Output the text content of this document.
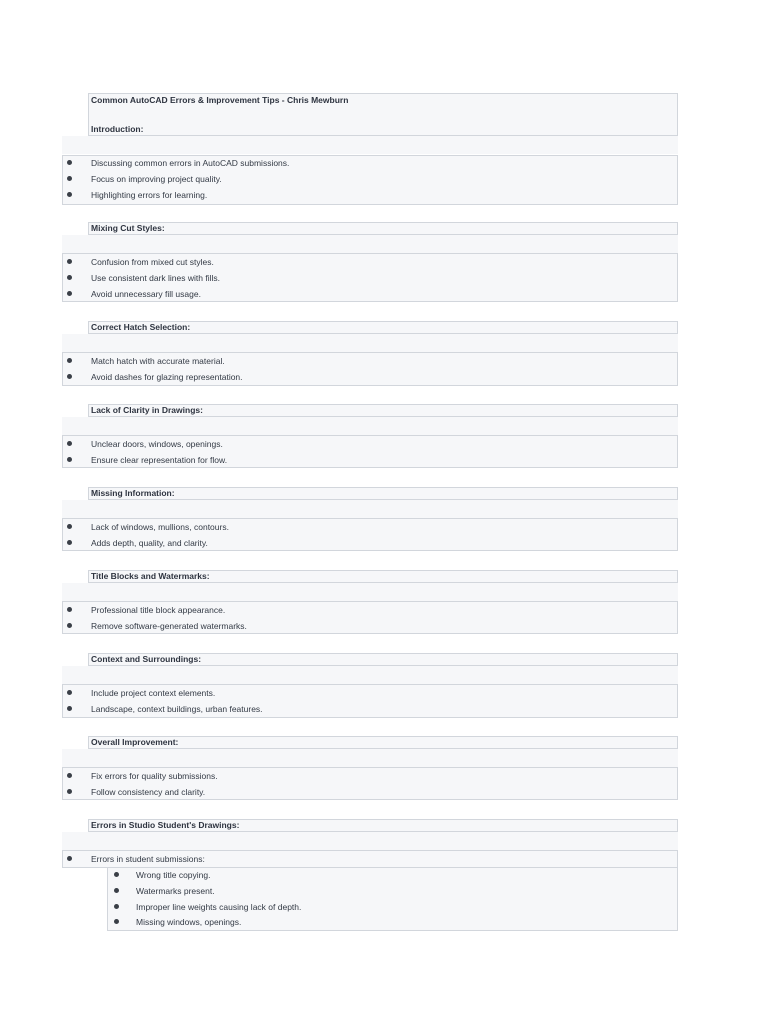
Common AutoCAD Errors & Improvement Tips - Chris Mewburn
Introduction:
Discussing common errors in AutoCAD submissions.
Focus on improving project quality.
Highlighting errors for learning.
Mixing Cut Styles:
Confusion from mixed cut styles.
Use consistent dark lines with fills.
Avoid unnecessary fill usage.
Correct Hatch Selection:
Match hatch with accurate material.
Avoid dashes for glazing representation.
Lack of Clarity in Drawings:
Unclear doors, windows, openings.
Ensure clear representation for flow.
Missing Information:
Lack of windows, mullions, contours.
Adds depth, quality, and clarity.
Title Blocks and Watermarks:
Professional title block appearance.
Remove software-generated watermarks.
Context and Surroundings:
Include project context elements.
Landscape, context buildings, urban features.
Overall Improvement:
Fix errors for quality submissions.
Follow consistency and clarity.
Errors in Studio Student's Drawings:
Errors in student submissions:
Wrong title copying.
Watermarks present.
Improper line weights causing lack of depth.
Missing windows, openings.
